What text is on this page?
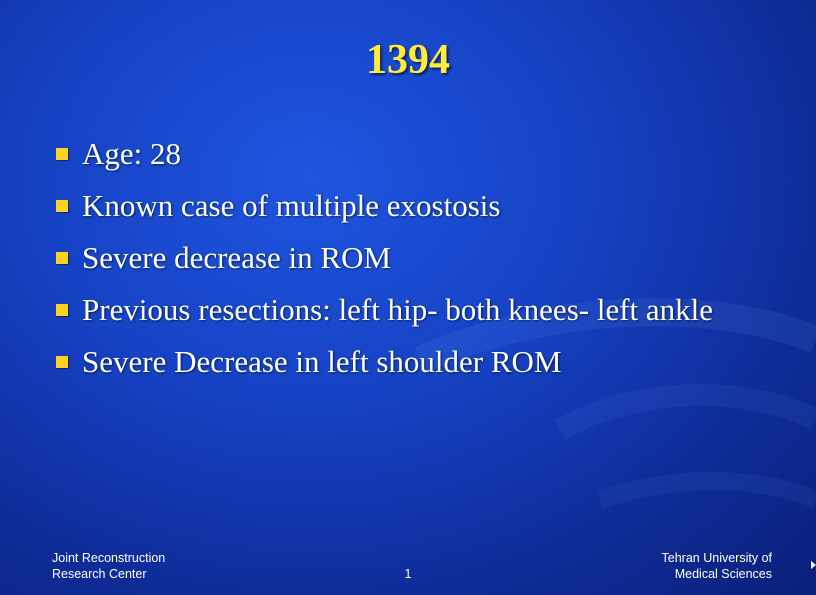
1394
Age: 28
Known case of multiple exostosis
Severe decrease in ROM
Previous resections: left hip- both knees- left ankle
Severe Decrease in left shoulder ROM
Joint Reconstruction
Research Center	1
Tehran University of
Medical Sciences
